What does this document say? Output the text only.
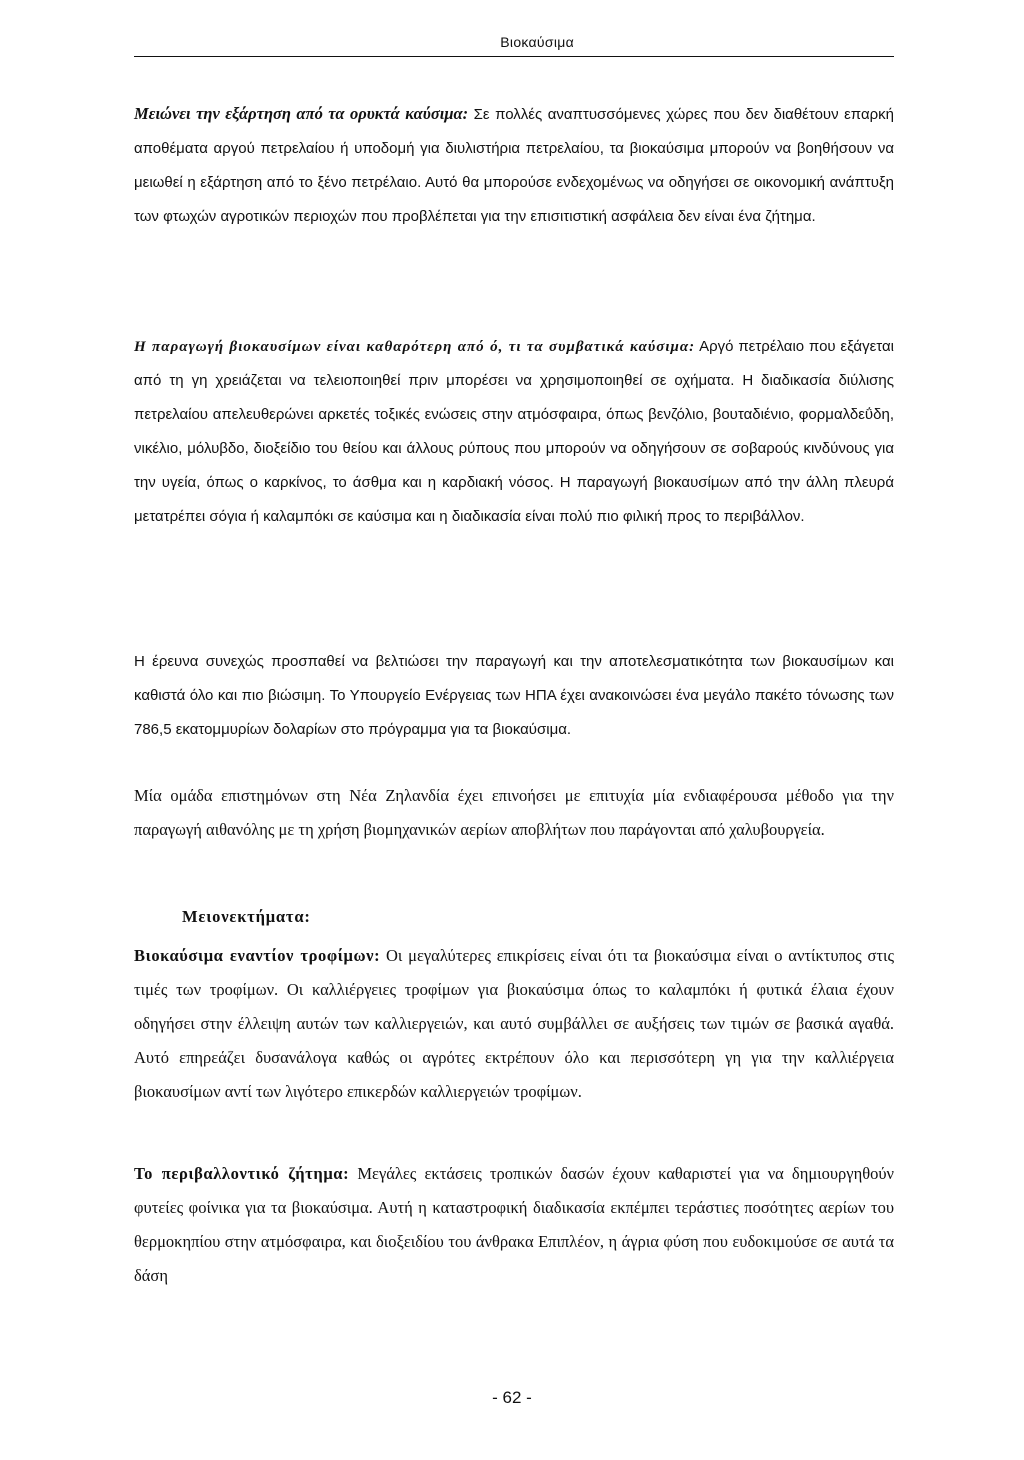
Βιοκαύσιμα

Μειώνει την εξάρτηση από τα ορυκτά καύσιμα: Σε πολλές αναπτυσσόμενες χώρες που δεν διαθέτουν επαρκή αποθέματα αργού πετρελαίου ή υποδομή για διυλιστήρια πετρελαίου, τα βιοκαύσιμα μπορούν να βοηθήσουν να μειωθεί η εξάρτηση από το ξένο πετρέλαιο. Αυτό θα μπορούσε ενδεχομένως να οδηγήσει σε οικονομική ανάπτυξη των φτωχών αγροτικών περιοχών που προβλέπεται για την επισιτιστική ασφάλεια δεν είναι ένα ζήτημα.

Η παραγωγή βιοκαυσίμων είναι καθαρότερη από ό, τι τα συμβατικά καύσιμα: Αργό πετρέλαιο που εξάγεται από τη γη χρειάζεται να τελειοποιηθεί πριν μπορέσει να χρησιμοποιηθεί σε οχήματα. Η διαδικασία διύλισης πετρελαίου απελευθερώνει αρκετές τοξικές ενώσεις στην ατμόσφαιρα, όπως βενζόλιο, βουταδιένιο, φορμαλδεΰδη, νικέλιο, μόλυβδο, διοξείδιο του θείου και άλλους ρύπους που μπορούν να οδηγήσουν σε σοβαρούς κινδύνους για την υγεία, όπως ο καρκίνος, το άσθμα και η καρδιακή νόσος. Η παραγωγή βιοκαυσίμων από την άλλη πλευρά μετατρέπει σόγια ή καλαμπόκι σε καύσιμα και η διαδικασία είναι πολύ πιο φιλική προς το περιβάλλον.

Η έρευνα συνεχώς προσπαθεί να βελτιώσει την παραγωγή και την αποτελεσματικότητα των βιοκαυσίμων και καθιστά όλο και πιο βιώσιμη. Το Υπουργείο Ενέργειας των ΗΠΑ έχει ανακοινώσει ένα μεγάλο πακέτο τόνωσης των 786,5 εκατομμυρίων δολαρίων στο πρόγραμμα για τα βιοκαύσιμα.

Μία ομάδα επιστημόνων στη Νέα Ζηλανδία έχει επινοήσει με επιτυχία μία ενδιαφέρουσα μέθοδο για την παραγωγή αιθανόλης με τη χρήση βιομηχανικών αερίων αποβλήτων που παράγονται από χαλυβουργεία.

Μειονεκτήματα:

Βιοκαύσιμα εναντίον τροφίμων: Οι μεγαλύτερες επικρίσεις είναι ότι τα βιοκαύσιμα είναι ο αντίκτυπος στις τιμές των τροφίμων. Οι καλλιέργειες τροφίμων για βιοκαύσιμα όπως το καλαμπόκι ή φυτικά έλαια έχουν οδηγήσει στην έλλειψη αυτών των καλλιεργειών, και αυτό συμβάλλει σε αυξήσεις των τιμών σε βασικά αγαθά. Αυτό επηρεάζει δυσανάλογα καθώς οι αγρότες εκτρέπουν όλο και περισσότερη γη για την καλλιέργεια βιοκαυσίμων αντί των λιγότερο επικερδών καλλιεργειών τροφίμων.

Το περιβαλλοντικό ζήτημα: Μεγάλες εκτάσεις τροπικών δασών έχουν καθαριστεί για να δημιουργηθούν φυτείες φοίνικα για τα βιοκαύσιμα. Αυτή η καταστροφική διαδικασία εκπέμπει τεράστιες ποσότητες αερίων του θερμοκηπίου στην ατμόσφαιρα, και διοξειδίου του άνθρακα Επιπλέον, η άγρια φύση που ευδοκιμούσε σε αυτά τα δάση

- 62 -
